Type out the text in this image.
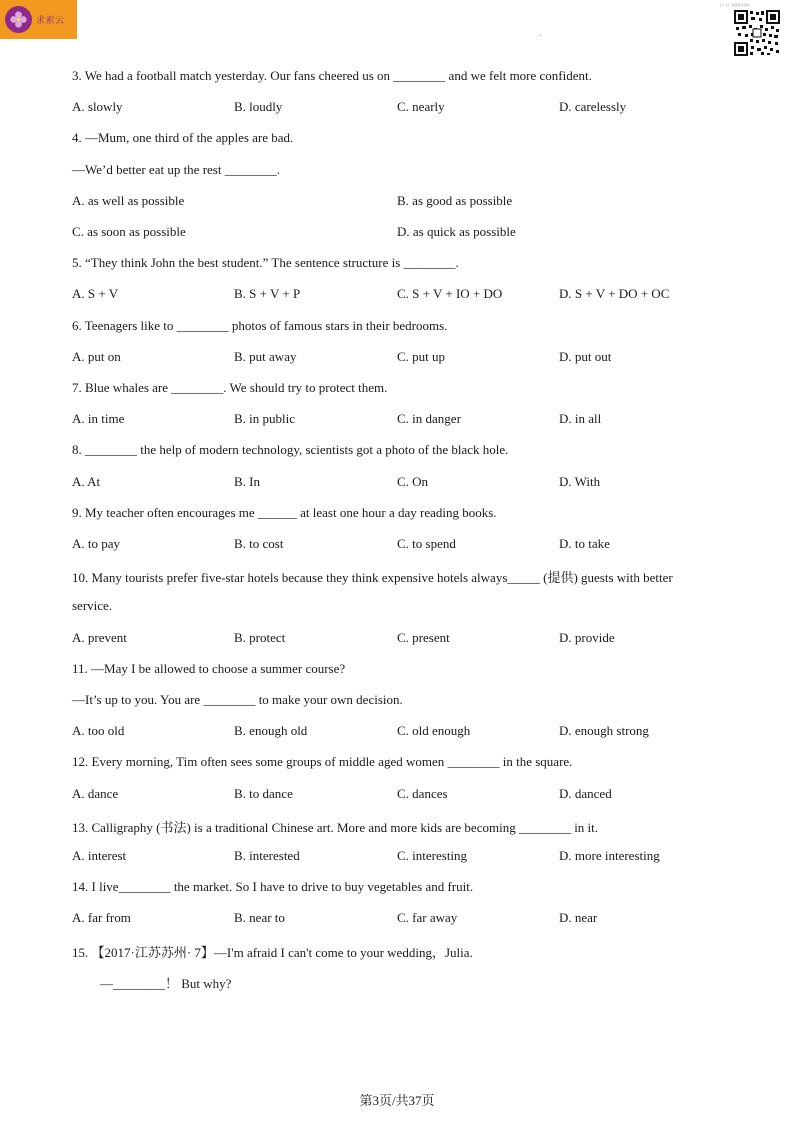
求索云
扫一扫 · 获取更多资料
3. We had a football match yesterday. Our fans cheered us on ________ and we felt more confident.
A. slowly	B. loudly	C. nearly	D. carelessly
4. —Mum, one third of the apples are bad.
—We’d better eat up the rest ________.
A. as well as possible	B. as good as possible
C. as soon as possible	D. as quick as possible
5. “They think John the best student.” The sentence structure is ________.
A. S + V	B. S + V + P	C. S + V + IO + DO	D. S + V + DO + OC
6. Teenagers like to ________ photos of famous stars in their bedrooms.
A. put on	B. put away	C. put up	D. put out
7. Blue whales are ________. We should try to protect them.
A. in time	B. in public	C. in danger	D. in all
8. ________ the help of modern technology, scientists got a photo of the black hole.
A. At	B. In	C. On	D. With
9. My teacher often encourages me ______ at least one hour a day reading books.
A. to pay	B. to cost	C. to spend	D. to take
10. Many tourists prefer five-star hotels because they think expensive hotels always_____ (提供) guests with better
service.
A. prevent	B. protect	C. present	D. provide
11. —May I be allowed to choose a summer course?
—It’s up to you. You are ________ to make your own decision.
A. too old	B. enough old	C. old enough	D. enough strong
12. Every morning, Tim often sees some groups of middle aged women ________ in the square.
A. dance	B. to dance	C. dances	D. danced
13. Calligraphy (书法) is a traditional Chinese art. More and more kids are becoming ________ in it.
A. interest	B. interested	C. interesting	D. more interesting
14. I live________ the market. So I have to drive to buy vegetables and fruit.
A. far from	B. near to	C. far away	D. near
15. 【2017·江苏苏州· 7】—I'm afraid I can't come to your wedding，Julia.
—________！ But why?
第3页/共37页
